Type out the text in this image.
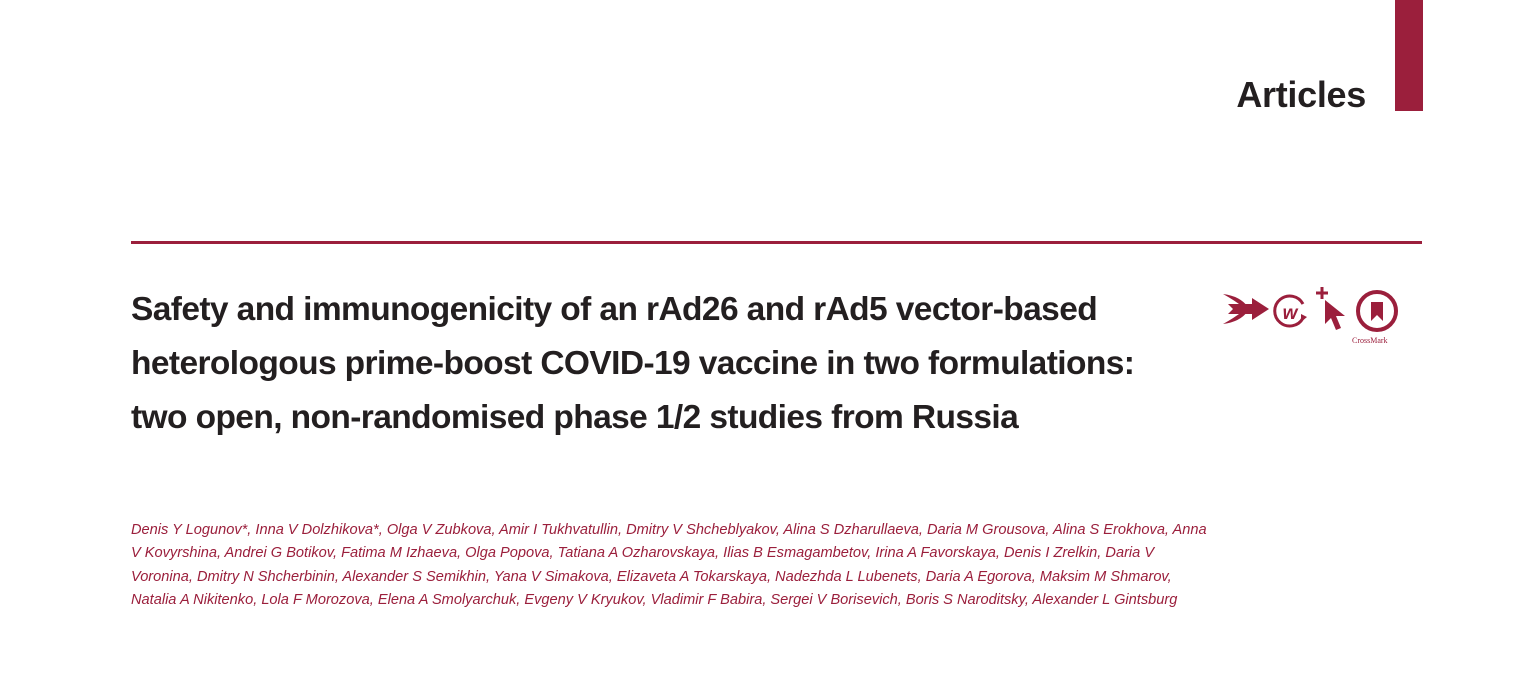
Articles
Safety and immunogenicity of an rAd26 and rAd5 vector-based heterologous prime-boost COVID-19 vaccine in two formulations: two open, non-randomised phase 1/2 studies from Russia
w
CrossMark

Denis Y Logunov*, Inna V Dolzhikova*, Olga V Zubkova, Amir I Tukhvatullin, Dmitry V Shcheblyakov, Alina S Dzharullaeva, Daria M Grousova, Alina S Erokhova, Anna V Kovyrshina, Andrei G Botikov, Fatima M Izhaeva, Olga Popova, Tatiana A Ozharovskaya, Ilias B Esmagambetov, Irina A Favorskaya, Denis I Zrelkin, Daria V Voronina, Dmitry N Shcherbinin, Alexander S Semikhin, Yana V Simakova, Elizaveta A Tokarskaya, Nadezhda L Lubenets, Daria A Egorova, Maksim M Shmarov, Natalia A Nikitenko, Lola F Morozova, Elena A Smolyarchuk, Evgeny V Kryukov, Vladimir F Babira, Sergei V Borisevich, Boris S Naroditsky, Alexander L Gintsburg
